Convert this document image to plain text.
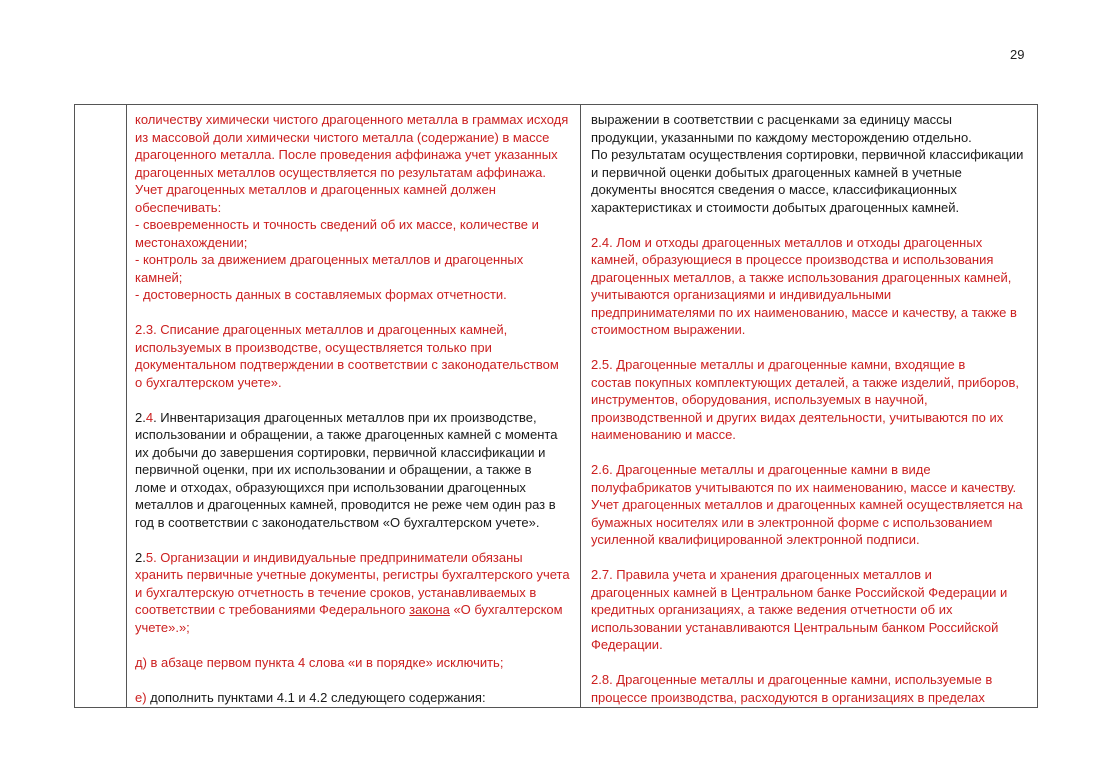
29

количеству химически чистого драгоценного металла в граммах исходя

из массовой доли химически чистого металла (содержание) в массе

драгоценного металла. После проведения аффинажа учет указанных

драгоценных металлов осуществляется по результатам аффинажа.

Учет драгоценных металлов и драгоценных камней должен

обеспечивать:

- своевременность и точность сведений об их массе, количестве и

местонахождении;

- контроль за движением драгоценных металлов и драгоценных

камней;

- достоверность данных в составляемых формах отчетности.

2.3. Списание драгоценных металлов и драгоценных камней,

используемых в производстве, осуществляется только при

документальном подтверждении в соответствии с законодательством

о бухгалтерском учете».

2.4. Инвентаризация драгоценных металлов при их производстве,

использовании и обращении, а также драгоценных камней с момента

их добычи до завершения сортировки, первичной классификации и

первичной оценки, при их использовании и обращении, а также в

ломе и отходах, образующихся при использовании драгоценных

металлов и драгоценных камней, проводится не реже чем один раз в

год в соответствии с законодательством «О бухгалтерском учете».

2.5. Организации и индивидуальные предприниматели обязаны

хранить первичные учетные документы, регистры бухгалтерского учета

и бухгалтерскую отчетность в течение сроков, устанавливаемых в

соответствии с требованиями Федерального закона «О бухгалтерском

учете».»;

д) в абзаце первом пункта 4 слова «и в порядке» исключить;

е) дополнить пунктами 4.1 и 4.2 следующего содержания:

выражении в соответствии с расценками за единицу массы

продукции, указанными по каждому месторождению отдельно.

По результатам осуществления сортировки, первичной классификации

и первичной оценки добытых драгоценных камней в учетные

документы вносятся сведения о массе, классификационных

характеристиках и стоимости добытых драгоценных камней.

2.4. Лом и отходы драгоценных металлов и отходы драгоценных

камней, образующиеся в процессе производства и использования

драгоценных металлов, а также использования драгоценных камней,

учитываются организациями и индивидуальными

предпринимателями по их наименованию, массе и качеству, а также в

стоимостном выражении.

2.5. Драгоценные металлы и драгоценные камни, входящие в

состав покупных комплектующих деталей, а также изделий, приборов,

инструментов, оборудования, используемых в научной,

производственной и других видах деятельности, учитываются по их

наименованию и массе.

2.6. Драгоценные металлы и драгоценные камни в виде

полуфабрикатов учитываются по их наименованию, массе и качеству.

Учет драгоценных металлов и драгоценных камней осуществляется на

бумажных носителях или в электронной форме с использованием

усиленной квалифицированной электронной подписи.

2.7. Правила учета и хранения драгоценных металлов и

драгоценных камней в Центральном банке Российской Федерации и

кредитных организациях, а также ведения отчетности об их

использовании устанавливаются Центральным банком Российской

Федерации.

2.8. Драгоценные металлы и драгоценные камни, используемые в

процессе производства, расходуются в организациях в пределах
